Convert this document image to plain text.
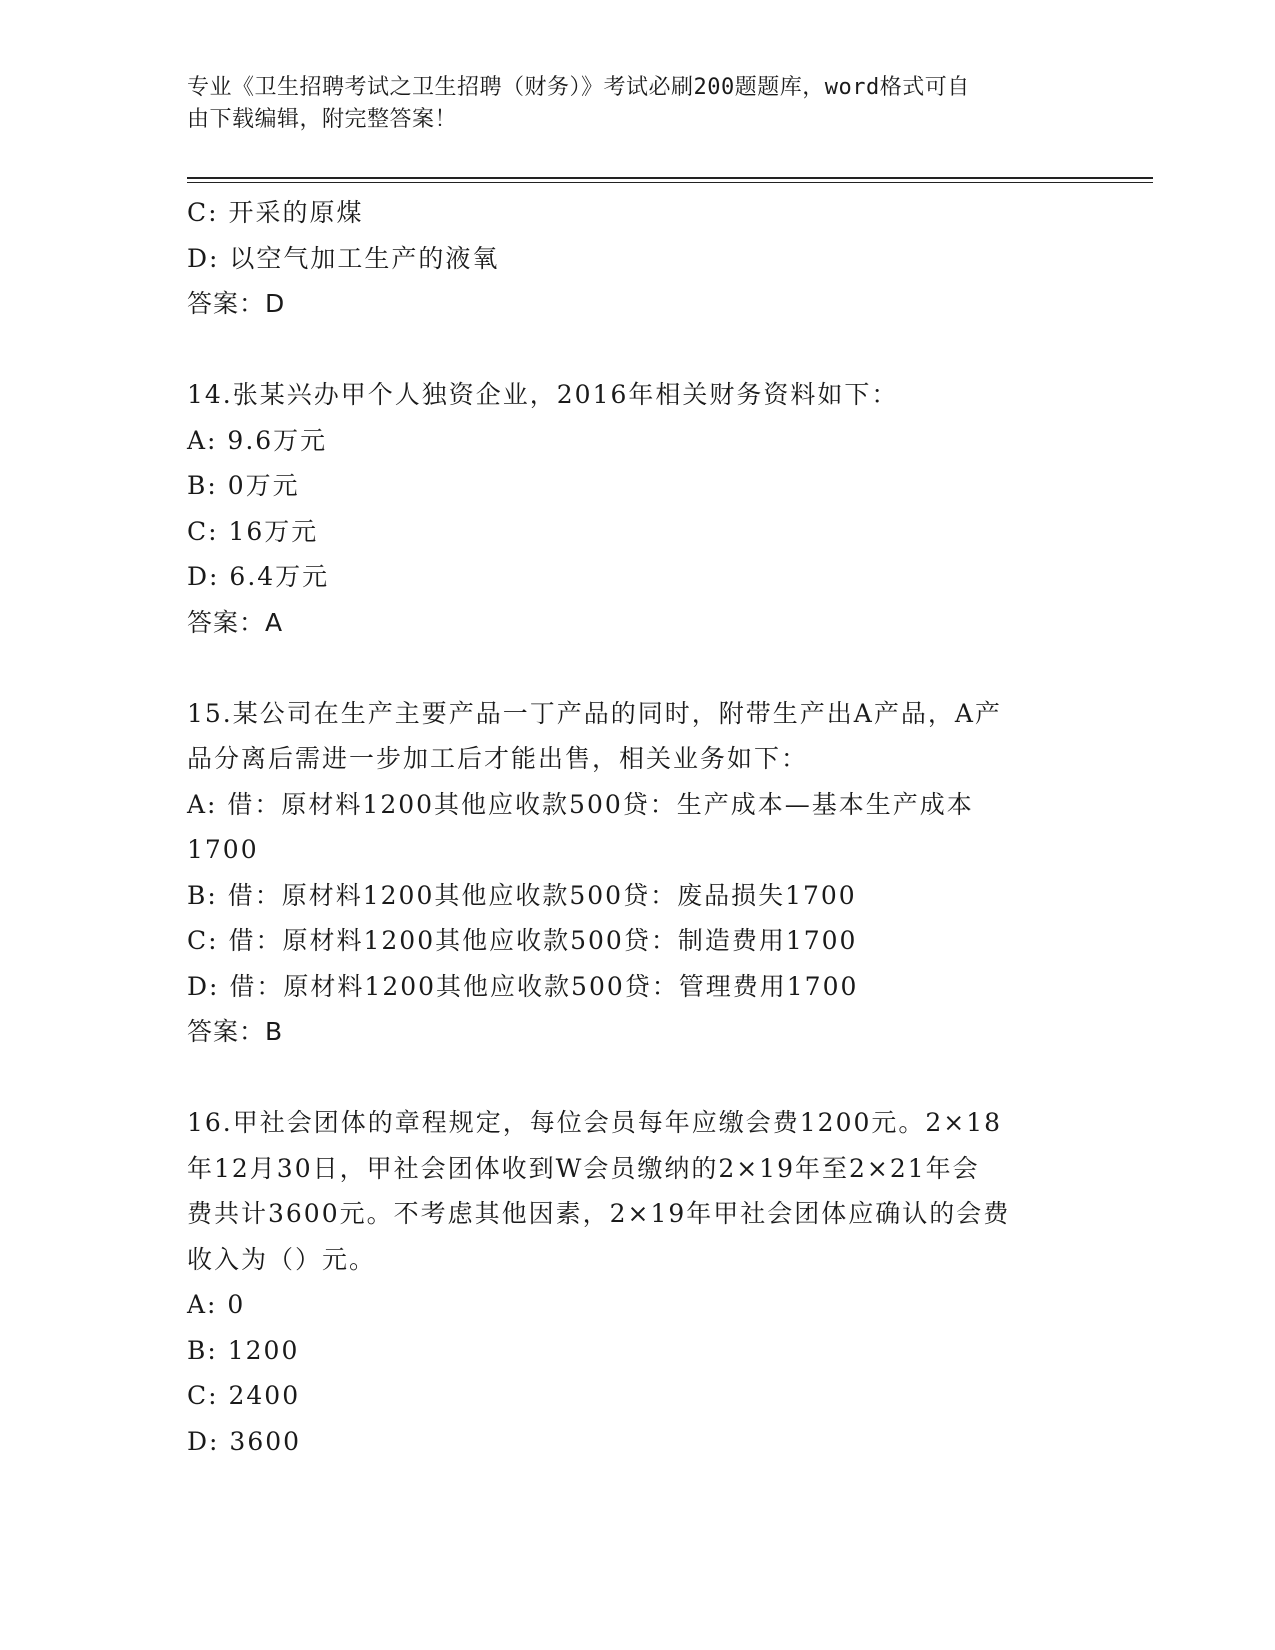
专业《卫生招聘考试之卫生招聘（财务）》考试必刷200题题库，word格式可自
由下载编辑，附完整答案！
C: 开采的原煤
D: 以空气加工生产的液氧
答案：D
14.张某兴办甲个人独资企业，2016年相关财务资料如下：
A: 9.6万元
B: 0万元
C: 16万元
D: 6.4万元
答案：A
15.某公司在生产主要产品一丁产品的同时，附带生产出A产品，A产
品分离后需进一步加工后才能出售，相关业务如下：
A: 借：原材料1200其他应收款500贷：生产成本—基本生产成本
1700
B: 借：原材料1200其他应收款500贷：废品损失1700
C: 借：原材料1200其他应收款500贷：制造费用1700
D: 借：原材料1200其他应收款500贷：管理费用1700
答案：B
16.甲社会团体的章程规定，每位会员每年应缴会费1200元。2×18
年12月30日，甲社会团体收到W会员缴纳的2×19年至2×21年会
费共计3600元。不考虑其他因素，2×19年甲社会团体应确认的会费
收入为（）元。
A: 0
B: 1200
C: 2400
D: 3600
